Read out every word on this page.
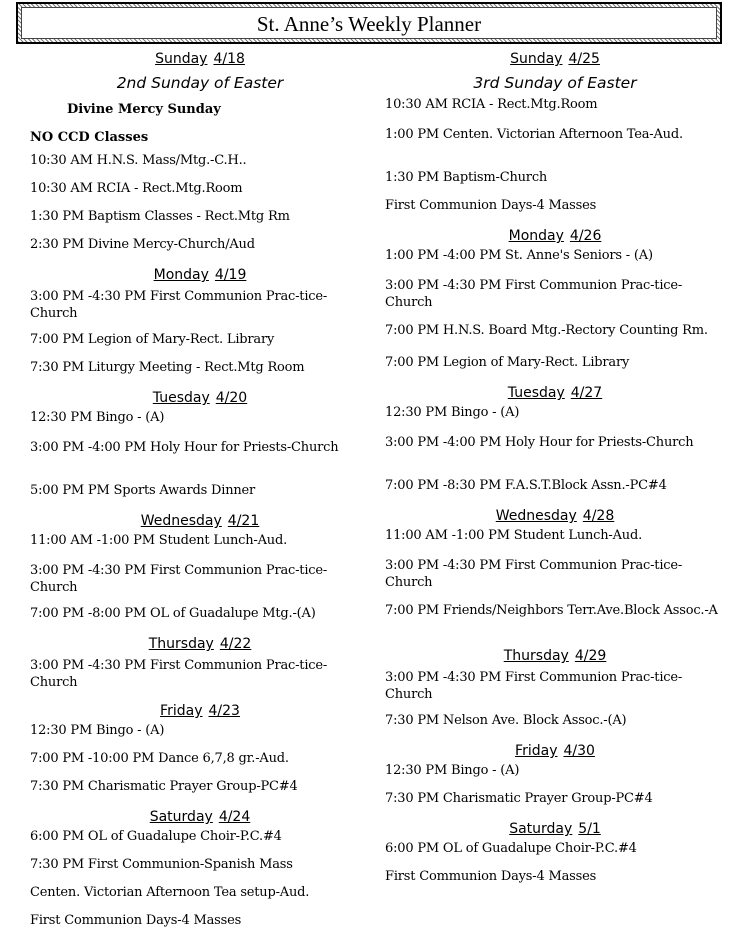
St. Anne’s Weekly Planner
Sunday 4/18
2nd Sunday of Easter
Divine Mercy Sunday
NO CCD Classes
10:30 AM H.N.S. Mass/Mtg.-C.H..
10:30 AM RCIA - Rect.Mtg.Room
1:30 PM Baptism Classes - Rect.Mtg Rm
2:30 PM Divine Mercy-Church/Aud
Monday 4/19
3:00 PM -4:30 PM First Communion Prac-tice- Church
7:00 PM Legion of Mary-Rect. Library
7:30 PM Liturgy Meeting - Rect.Mtg Room
Tuesday 4/20
12:30 PM Bingo - (A)
3:00 PM -4:00 PM Holy Hour for Priests-Church
5:00 PM PM Sports Awards Dinner
Wednesday 4/21
11:00 AM -1:00 PM Student Lunch-Aud.
3:00 PM -4:30 PM First Communion Prac-tice- Church
7:00 PM -8:00 PM OL of Guadalupe Mtg.-(A)
Thursday 4/22
3:00 PM -4:30 PM First Communion Prac-tice- Church
Friday 4/23
12:30 PM Bingo - (A)
7:00 PM -10:00 PM Dance 6,7,8 gr.-Aud.
7:30 PM Charismatic Prayer Group-PC#4
Saturday 4/24
6:00 PM OL of Guadalupe Choir-P.C.#4
7:30 PM First Communion-Spanish Mass
Centen. Victorian Afternoon Tea setup-Aud.
First Communion Days-4 Masses
Sunday 4/25
3rd Sunday of Easter
10:30 AM RCIA - Rect.Mtg.Room
1:00 PM Centen. Victorian Afternoon Tea-Aud.
1:30 PM Baptism-Church
First Communion Days-4 Masses
Monday 4/26
1:00 PM -4:00 PM St. Anne's Seniors - (A)
3:00 PM -4:30 PM First Communion Prac-tice- Church
7:00 PM H.N.S. Board Mtg.-Rectory Counting Rm.
7:00 PM Legion of Mary-Rect. Library
Tuesday 4/27
12:30 PM Bingo - (A)
3:00 PM -4:00 PM Holy Hour for Priests-Church
7:00 PM -8:30 PM F.A.S.T.Block Assn.-PC#4
Wednesday 4/28
11:00 AM -1:00 PM Student Lunch-Aud.
3:00 PM -4:30 PM First Communion Prac-tice- Church
7:00 PM Friends/Neighbors Terr.Ave.Block Assoc.-A
Thursday 4/29
3:00 PM -4:30 PM First Communion Prac-tice- Church
7:30 PM Nelson Ave. Block Assoc.-(A)
Friday 4/30
12:30 PM Bingo - (A)
7:30 PM Charismatic Prayer Group-PC#4
Saturday 5/1
6:00 PM OL of Guadalupe Choir-P.C.#4
First Communion Days-4 Masses
